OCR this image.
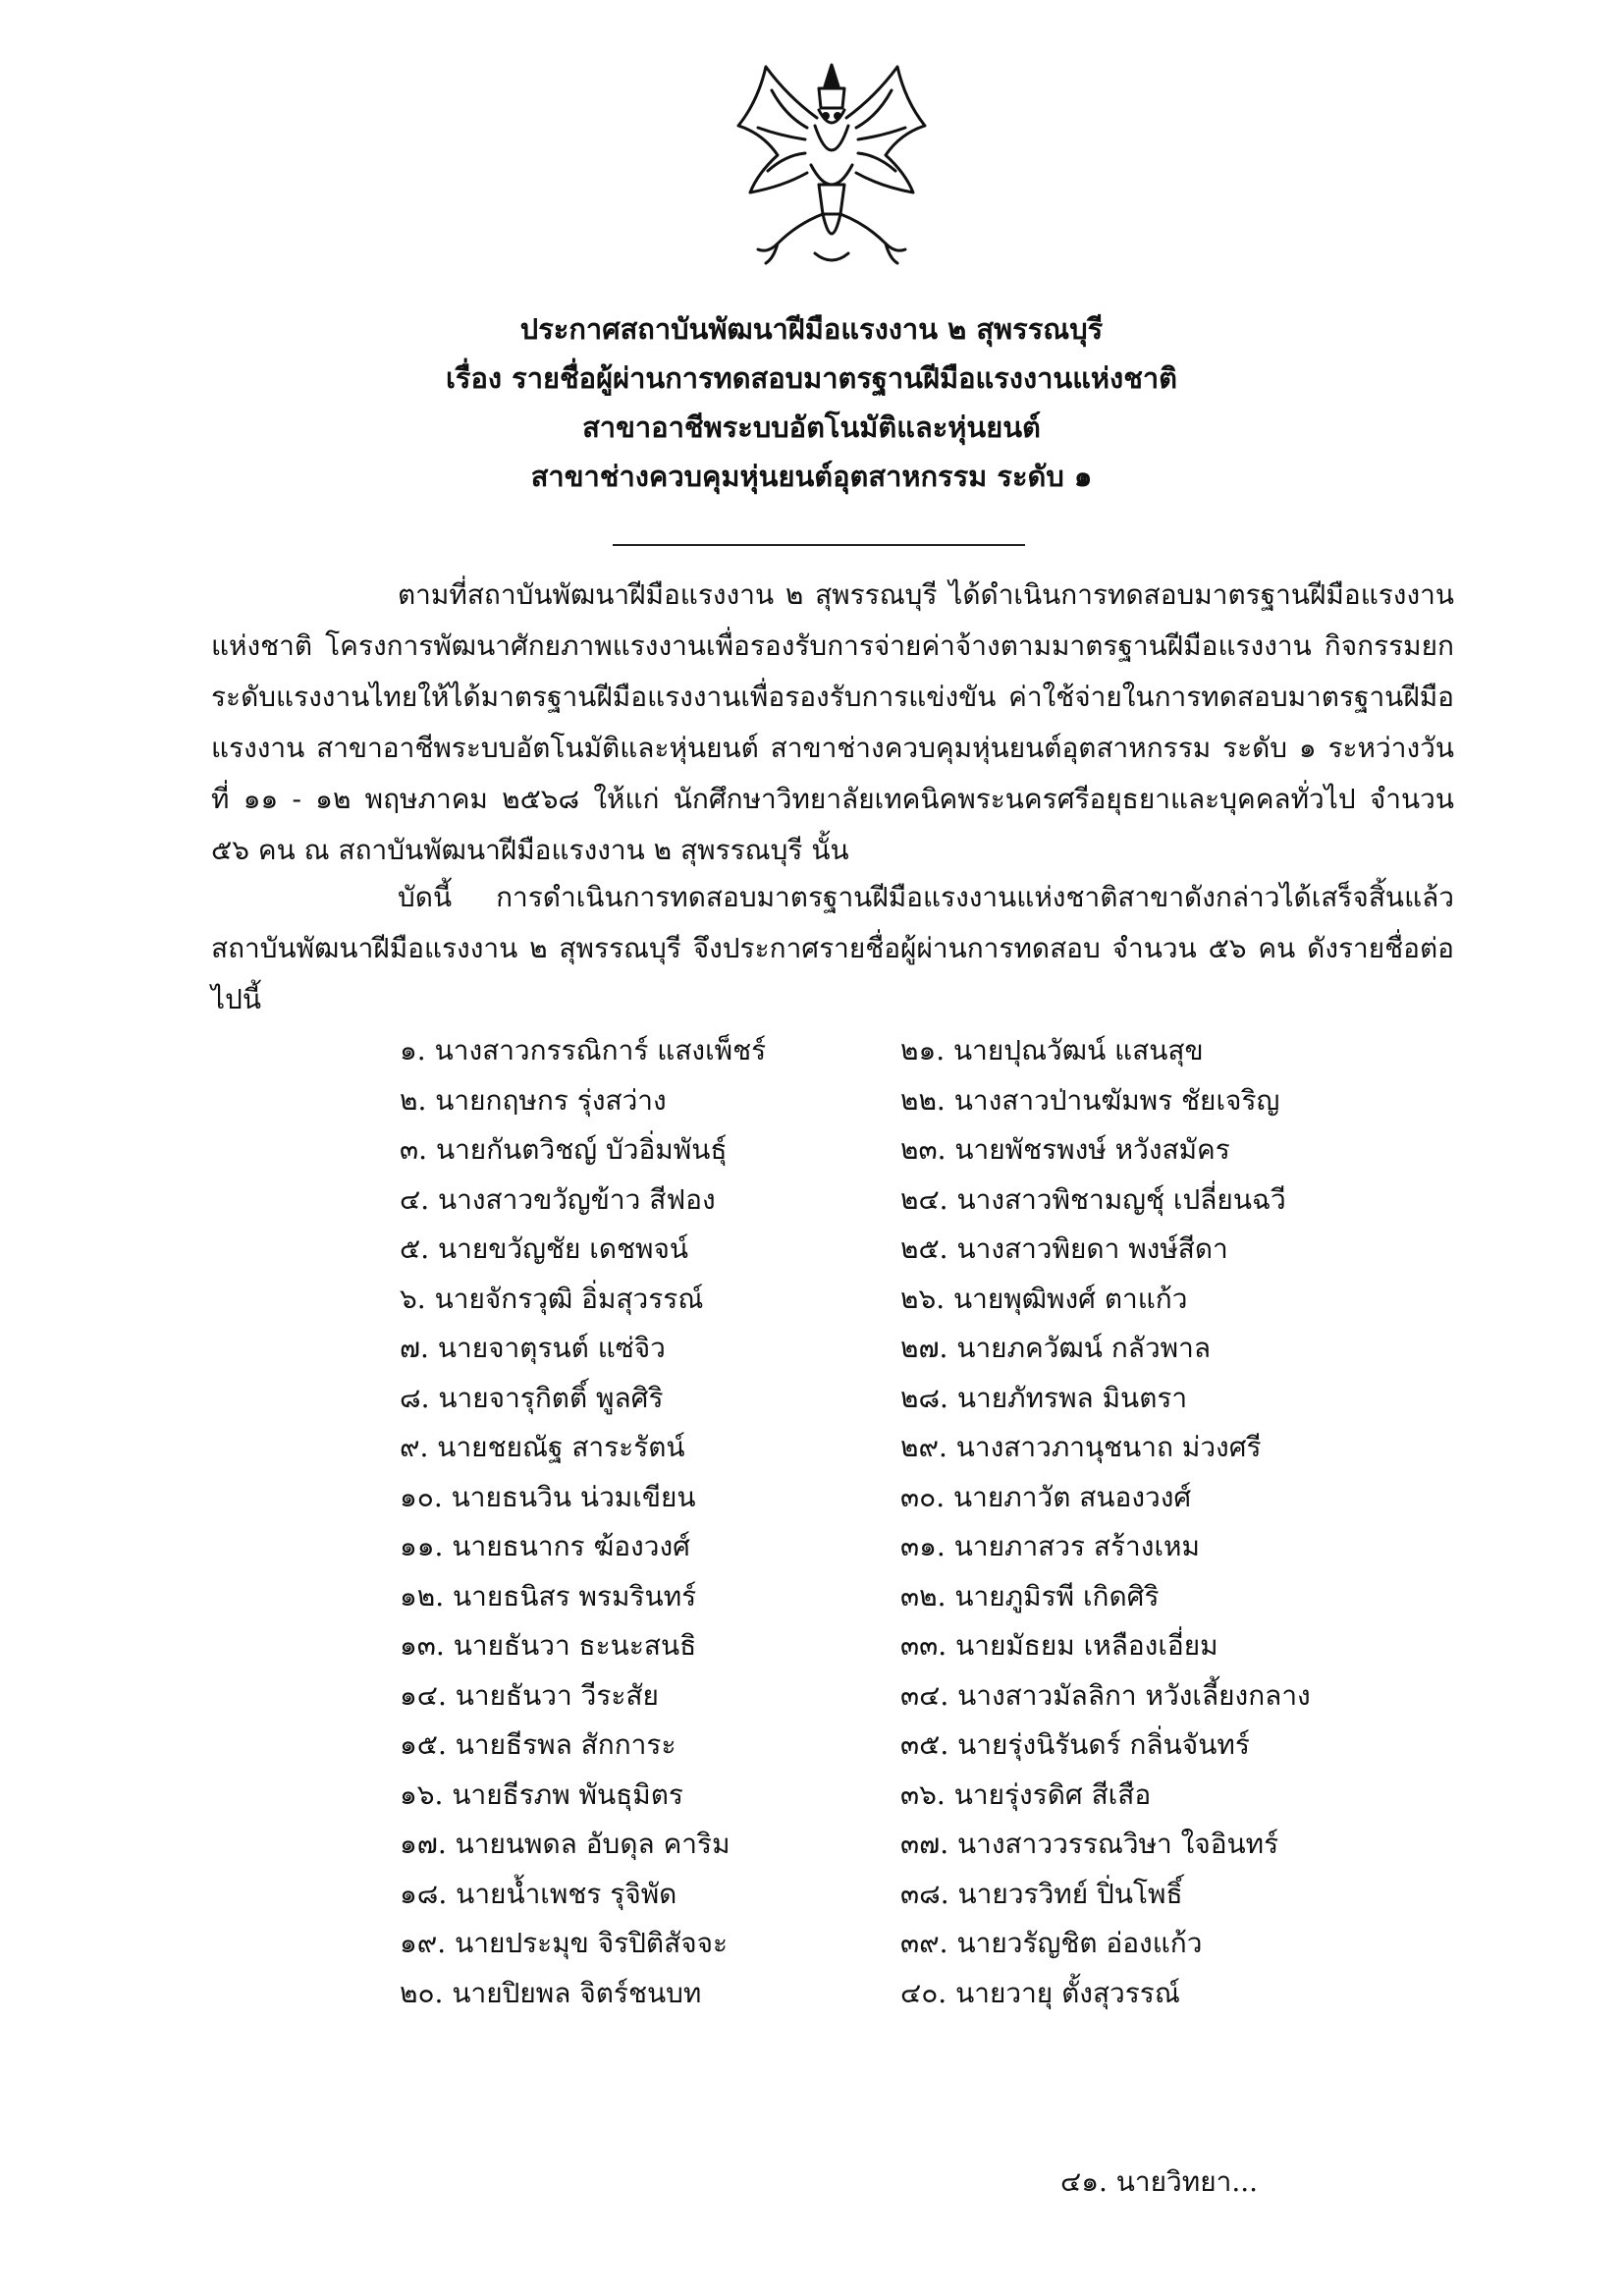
ประกาศสถาบันพัฒนาฝีมือแรงงาน ๒ สุพรรณบุรี
เรื่อง รายชื่อผู้ผ่านการทดสอบมาตรฐานฝีมือแรงงานแห่งชาติ
สาขาอาชีพระบบอัตโนมัติและหุ่นยนต์
สาขาช่างควบคุมหุ่นยนต์อุตสาหกรรม ระดับ ๑
ตามที่สถาบันพัฒนาฝีมือแรงงาน ๒ สุพรรณบุรี ได้ดำเนินการทดสอบมาตรฐานฝีมือแรงงานแห่งชาติ โครงการพัฒนาศักยภาพแรงงานเพื่อรองรับการจ่ายค่าจ้างตามมาตรฐานฝีมือแรงงาน กิจกรรมยกระดับแรงงานไทยให้ได้มาตรฐานฝีมือแรงงานเพื่อรองรับการแข่งขัน ค่าใช้จ่ายในการทดสอบมาตรฐานฝีมือแรงงาน สาขาอาชีพระบบอัตโนมัติและหุ่นยนต์ สาขาช่างควบคุมหุ่นยนต์อุตสาหกรรม ระดับ ๑ ระหว่างวันที่ ๑๑ - ๑๒ พฤษภาคม ๒๕๖๘ ให้แก่ นักศึกษาวิทยาลัยเทคนิคพระนครศรีอยุธยาและบุคคลทั่วไป จำนวน ๕๖ คน ณ สถาบันพัฒนาฝีมือแรงงาน ๒ สุพรรณบุรี นั้น
บัดนี้ การดำเนินการทดสอบมาตรฐานฝีมือแรงงานแห่งชาติสาขาดังกล่าวได้เสร็จสิ้นแล้ว สถาบันพัฒนาฝีมือแรงงาน ๒ สุพรรณบุรี จึงประกาศรายชื่อผู้ผ่านการทดสอบ จำนวน ๕๖ คน ดังรายชื่อต่อไปนี้
๑. นางสาวกรรณิการ์ แสงเพ็ชร์
๒. นายกฤษกร รุ่งสว่าง
๓. นายกันตวิชญ์ บัวอิ่มพันธุ์
๔. นางสาวขวัญข้าว สีฟอง
๕. นายขวัญชัย เดชพจน์
๖. นายจักรวุฒิ อิ่มสุวรรณ์
๗. นายจาตุรนต์ แซ่จิว
๘. นายจารุกิตติ์ พูลศิริ
๙. นายชยณัฐ สาระรัตน์
๑๐. นายธนวิน น่วมเขียน
๑๑. นายธนากร ฆ้องวงศ์
๑๒. นายธนิสร พรมรินทร์
๑๓. นายธันวา ธะนะสนธิ
๑๔. นายธันวา วีระสัย
๑๕. นายธีรพล สักการะ
๑๖. นายธีรภพ พันธุมิตร
๑๗. นายนพดล อับดุล คาริม
๑๘. นายน้ำเพชร รุจิพัด
๑๙. นายประมุข จิรปิติสัจจะ
๒๐. นายปิยพล จิตร์ชนบท
๒๑. นายปุณวัฒน์ แสนสุข
๒๒. นางสาวป่านฆัมพร ชัยเจริญ
๒๓. นายพัชรพงษ์ หวังสมัคร
๒๔. นางสาวพิชามญชุ์ เปลี่ยนฉวี
๒๕. นางสาวพิยดา พงษ์สีดา
๒๖. นายพุฒิพงศ์ ตาแก้ว
๒๗. นายภควัฒน์ กลัวพาล
๒๘. นายภัทรพล มินตรา
๒๙. นางสาวภานุชนาถ ม่วงศรี
๓๐. นายภาวัต สนองวงศ์
๓๑. นายภาสวร สร้างเหม
๓๒. นายภูมิรพี เกิดศิริ
๓๓. นายมัธยม เหลืองเอี่ยม
๓๔. นางสาวมัลลิกา หวังเลี้ยงกลาง
๓๕. นายรุ่งนิรันดร์ กลิ่นจันทร์
๓๖. นายรุ่งรดิศ สีเสือ
๓๗. นางสาววรรณวิษา ใจอินทร์
๓๘. นายวรวิทย์ ปิ่นโพธิ์
๓๙. นายวรัญชิต อ่องแก้ว
๔๐. นายวายุ ตั้งสุวรรณ์
๔๑. นายวิทยา...
